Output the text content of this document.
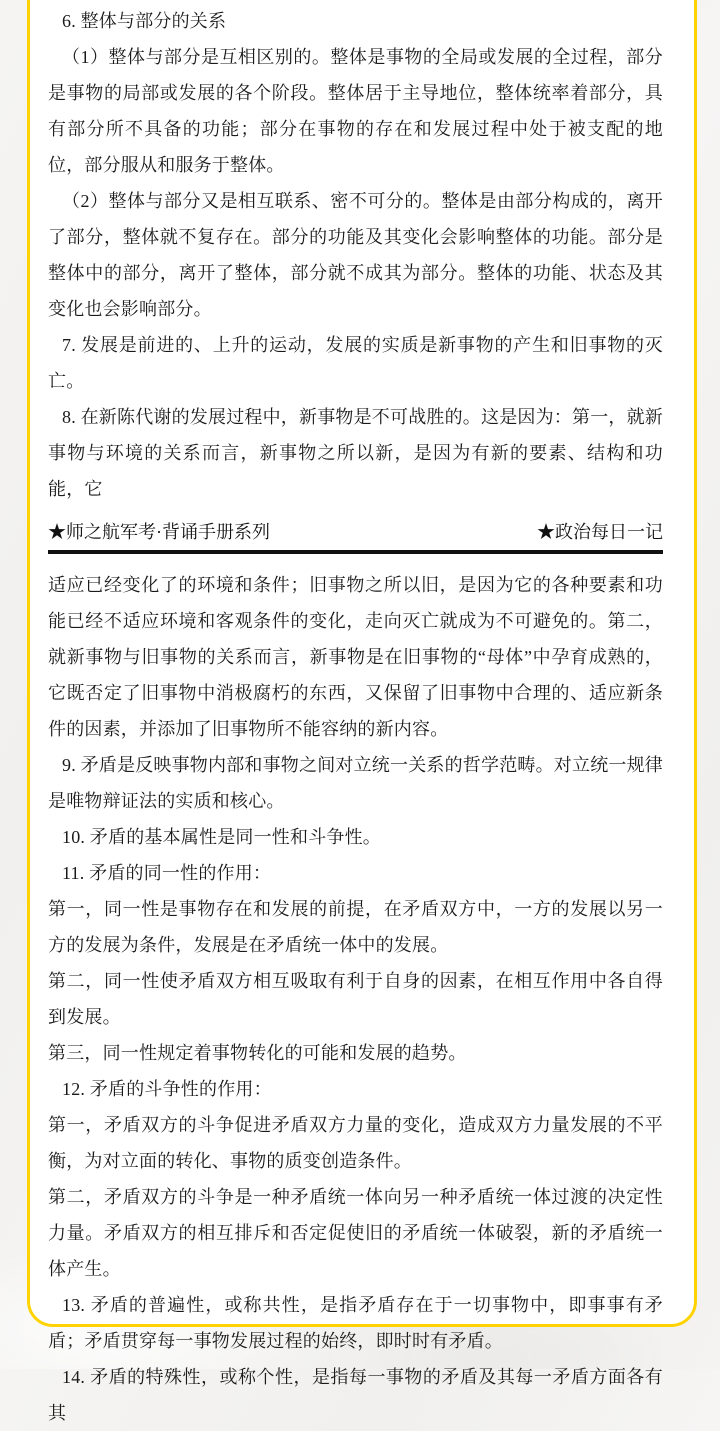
6. 整体与部分的关系

（1）整体与部分是互相区别的。整体是事物的全局或发展的全过程，部分是事物的局部或发展的各个阶段。整体居于主导地位，整体统率着部分，具有部分所不具备的功能；部分在事物的存在和发展过程中处于被支配的地位，部分服从和服务于整体。

（2）整体与部分又是相互联系、密不可分的。整体是由部分构成的，离开了部分，整体就不复存在。部分的功能及其变化会影响整体的功能。部分是整体中的部分，离开了整体，部分就不成其为部分。整体的功能、状态及其变化也会影响部分。

7. 发展是前进的、上升的运动，发展的实质是新事物的产生和旧事物的灭亡。

8. 在新陈代谢的发展过程中，新事物是不可战胜的。这是因为：第一，就新事物与环境的关系而言，新事物之所以新，是因为有新的要素、结构和功能，它

★师之航军考·背诵手册系列	★政治每日一记

适应已经变化了的环境和条件；旧事物之所以旧，是因为它的各种要素和功能已经不适应环境和客观条件的变化，走向灭亡就成为不可避免的。第二，就新事物与旧事物的关系而言，新事物是在旧事物的“母体”中孕育成熟的，它既否定了旧事物中消极腐朽的东西，又保留了旧事物中合理的、适应新条件的因素，并添加了旧事物所不能容纳的新内容。

9. 矛盾是反映事物内部和事物之间对立统一关系的哲学范畴。对立统一规律是唯物辩证法的实质和核心。

10. 矛盾的基本属性是同一性和斗争性。

11. 矛盾的同一性的作用：

第一，同一性是事物存在和发展的前提，在矛盾双方中，一方的发展以另一方的发展为条件，发展是在矛盾统一体中的发展。

第二，同一性使矛盾双方相互吸取有利于自身的因素，在相互作用中各自得到发展。

第三，同一性规定着事物转化的可能和发展的趋势。

12. 矛盾的斗争性的作用：

第一，矛盾双方的斗争促进矛盾双方力量的变化，造成双方力量发展的不平衡，为对立面的转化、事物的质变创造条件。

第二，矛盾双方的斗争是一种矛盾统一体向另一种矛盾统一体过渡的决定性力量。矛盾双方的相互排斥和否定促使旧的矛盾统一体破裂，新的矛盾统一体产生。

13. 矛盾的普遍性，或称共性，是指矛盾存在于一切事物中，即事事有矛盾；矛盾贯穿每一事物发展过程的始终，即时时有矛盾。

14. 矛盾的特殊性，或称个性，是指每一事物的矛盾及其每一矛盾方面各有其
